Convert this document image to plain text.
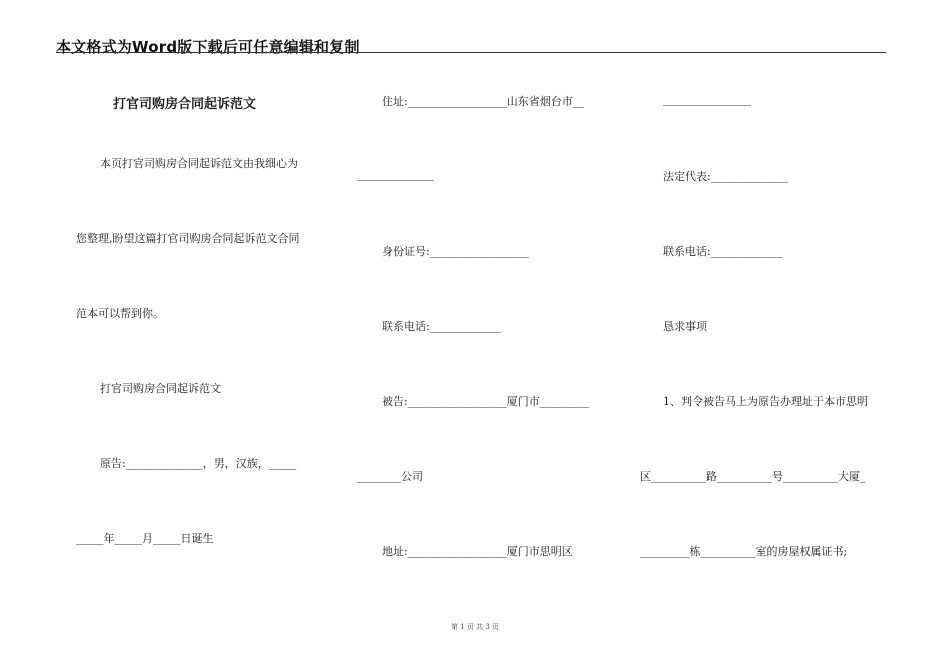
本文格式为Word版下载后可任意编辑和复制
打官司购房合同起诉范文
本页打官司购房合同起诉范文由我细心为
您整理,盼望这篇打官司购房合同起诉范文合同
范本可以帮到你。
打官司购房合同起诉范文
原告:______________，男，汉族，_____
_____年_____月_____日诞生
住址:__________________山东省烟台市__
______________
身份证号:__________________
联系电话:_____________
被告:__________________厦门市_________
________公司
地址:__________________厦门市思明区
________________
法定代表:______________
联系电话:_____________
恳求事项
1、判令被告马上为原告办理址于本市思明
区__________路__________号__________大厦_
_________栋__________室的房屋权属证书;
第 1 页 共 3 页
